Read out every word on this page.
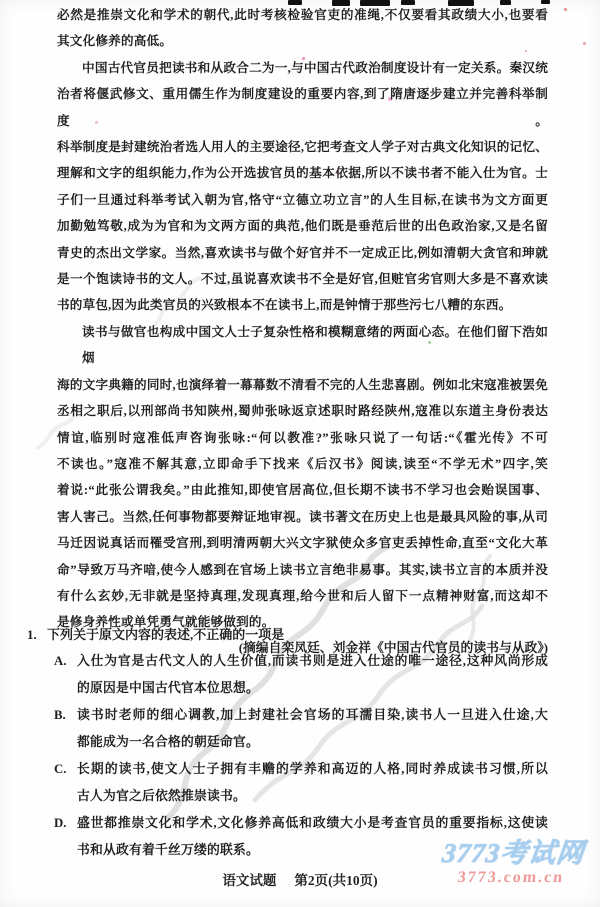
必然是推崇文化和学术的朝代,此时考核检验官吏的准绳,不仅要看其政绩大小,也要看
其文化修养的高低。
中国古代官员把读书和从政合二为一,与中国古代政治制度设计有一定关系。秦汉统
治者将偃武修文、重用儒生作为制度建设的重要内容,到了隋唐逐步建立并完善科举制度。
科举制度是封建统治者选人用人的主要途径,它把考查文人学子对古典文化知识的记忆、
理解和文字的组织能力,作为公开选拔官员的基本依据,所以不读书者不能入仕为官。士
子们一旦通过科举考试入朝为官,恪守“立德立功立言”的人生目标,在读书为文方面更
加勤勉笃敬,成为为官和为文两方面的典范,他们既是垂范后世的出色政治家,又是名留
青史的杰出文学家。当然,喜欢读书与做个好官并不一定成正比,例如清朝大贪官和珅就
是一个饱读诗书的文人。不过,虽说喜欢读书不全是好官,但赃官劣官则大多是不喜欢读
书的草包,因为此类官员的兴致根本不在读书上,而是钟情于那些污七八糟的东西。
读书与做官也构成中国文人士子复杂性格和模糊意绪的两面心态。在他们留下浩如烟
海的文字典籍的同时,也演绎着一幕幕数不清看不完的人生悲喜剧。例如北宋寇准被罢免
丞相之职后,以刑部尚书知陕州,蜀帅张咏返京述职时路经陕州,寇准以东道主身份表达
情谊,临别时寇准低声咨询张咏:“何以教准?”张咏只说了一句话:“《霍光传》不可
不读也。”寇准不解其意,立即命手下找来《后汉书》阅读,读至“不学无术”四字,笑
着说:“此张公谓我矣。”由此推知,即使官居高位,但长期不读书不学习也会贻误国事、
害人害己。当然,任何事物都要辩证地审视。读书著文在历史上也是最具风险的事,从司
马迁因说真话而罹受宫刑,到明清两朝大兴文字狱使众多官吏丢掉性命,直至“文化大革
命”导致万马齐喑,使今人感到在官场上读书立言绝非易事。其实,读书立言的本质并没
有什么玄妙,无非就是坚持真理,发现真理,给今世和后人留下一点精神财富,而这却不
是修身养性或单凭勇气就能够做到的。
(摘编自栾凤廷、刘金祥《中国古代官员的读书与从政》)
1. 下列关于原文内容的表述,不正确的一项是
A. 入仕为官是古代文人的人生价值,而读书则是进入仕途的唯一途径,这种风尚形成
的原因是中国古代官本位思想。
B. 读书时老师的细心调教,加上封建社会官场的耳濡目染,读书人一旦进入仕途,大
都能成为一名合格的朝廷命官。
C. 长期的读书,使文人士子拥有丰赡的学养和高迈的人格,同时养成读书习惯,所以
古人为官之后依然推崇读书。
D. 盛世都推崇文化和学术,文化修养高低和政绩大小是考查官员的重要指标,这使读
书和从政有着千丝万缕的联系。
语文试题 第2页(共10页)
3773考试网
3773.com.cn
